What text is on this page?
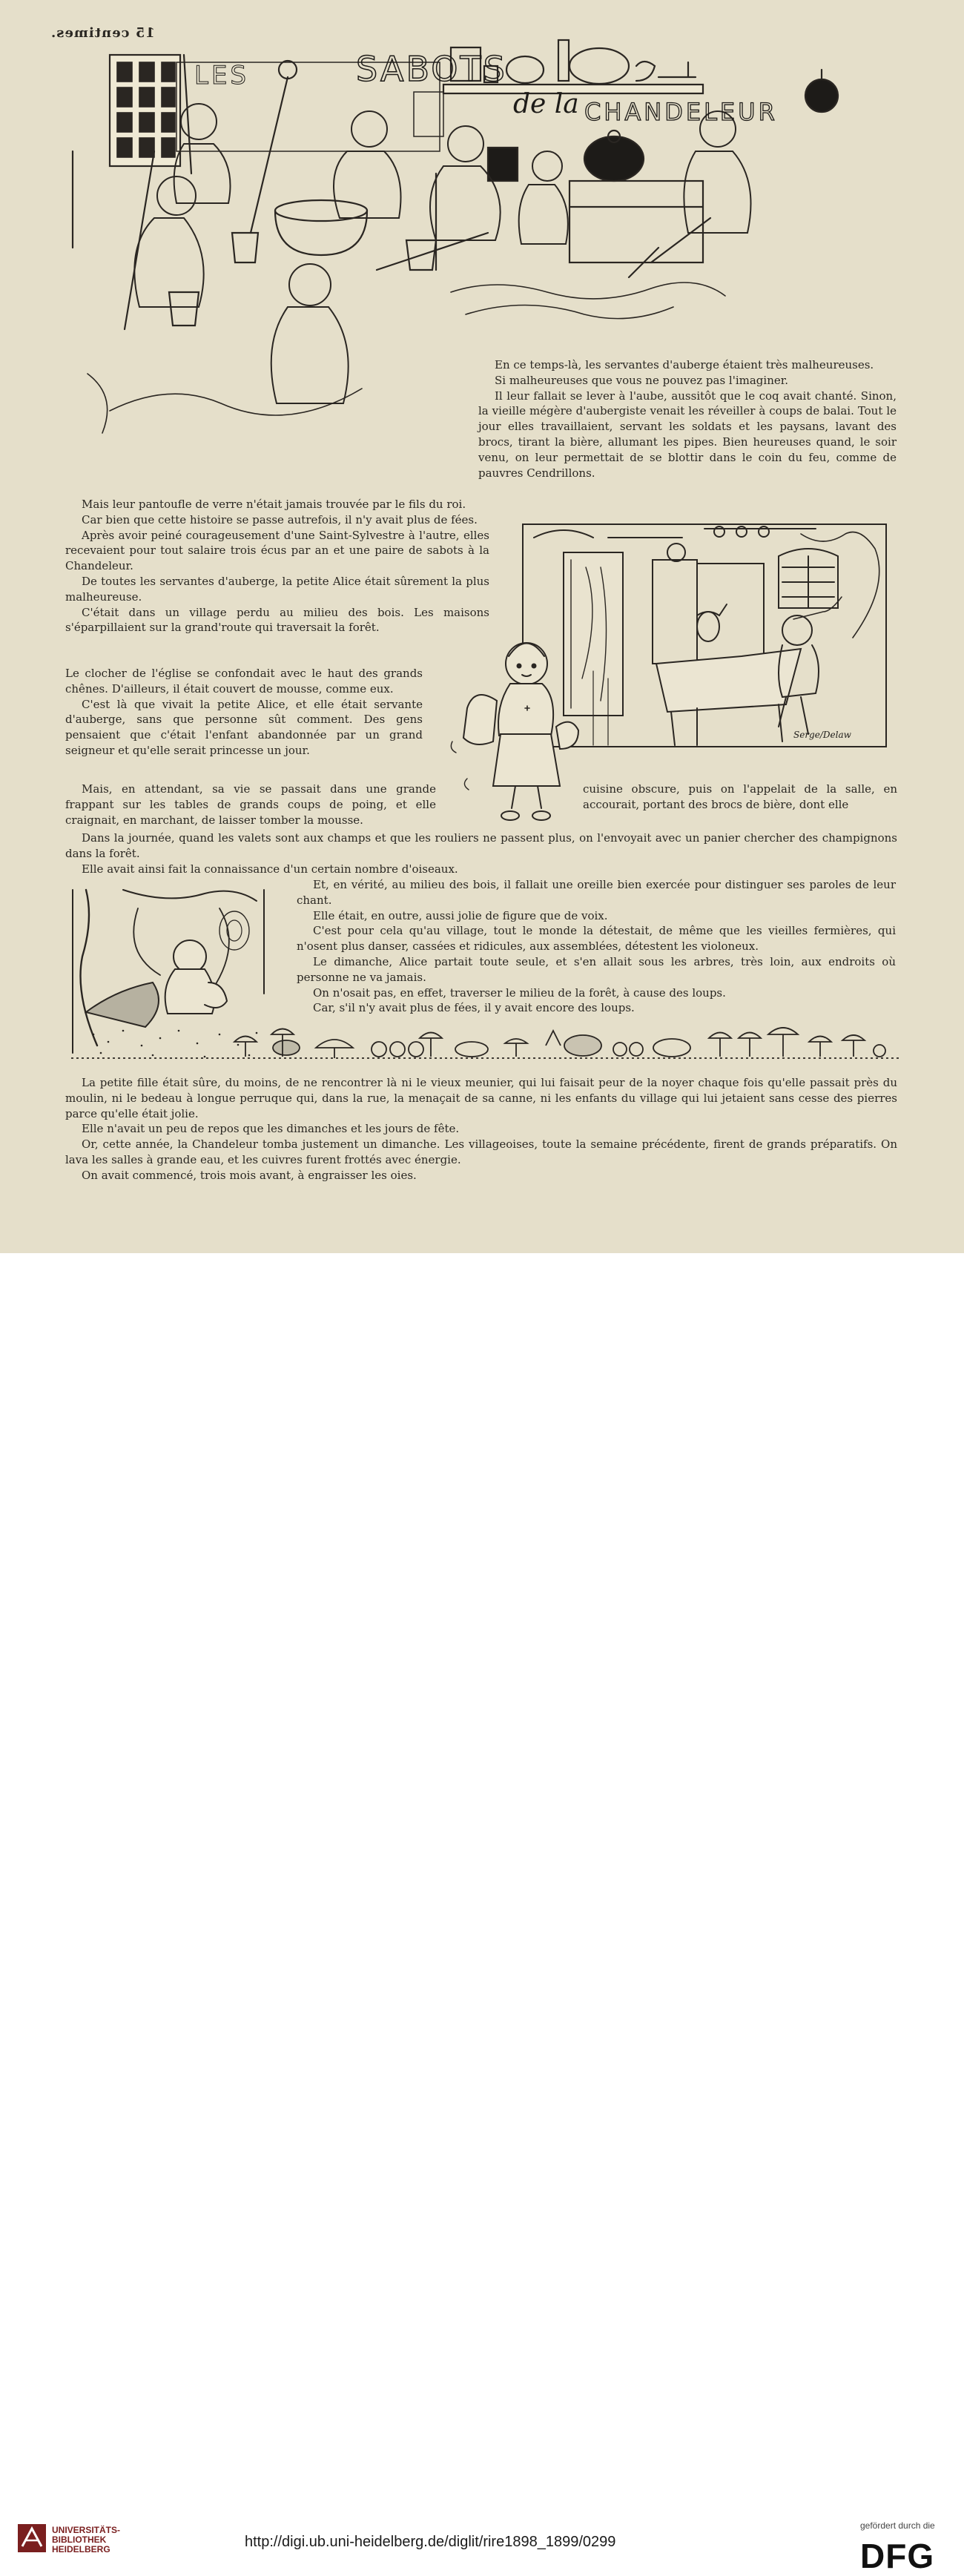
15 centimes.
LES	SABOTS
de la CHANDELEUR

En ce temps-là, les servantes d'auberge étaient très malheureuses.

Si malheureuses que vous ne pouvez pas l'imaginer.

Il leur fallait se lever à l'aube, aussitôt que le coq avait chanté. Sinon, la vieille mégère d'aubergiste venait les réveiller à coups de balai. Tout le jour elles travaillaient, servant les soldats et les paysans, lavant des brocs, tirant la bière, allumant les pipes. Bien heureuses quand, le soir venu, on leur permettait de se blottir dans le coin du feu, comme de pauvres Cendrillons.

Mais leur pantoufle de verre n'était jamais trouvée par le fils du roi.

Car bien que cette histoire se passe autrefois, il n'y avait plus de fées.

Après avoir peiné courageusement d'une Saint-Sylvestre à l'autre, elles recevaient pour tout salaire trois écus par an et une paire de sabots à la Chandeleur.

De toutes les servantes d'auberge, la petite Alice était sûrement la plus malheureuse.

C'était dans un village perdu au milieu des bois. Les maisons s'éparpillaient sur la grand'route qui traversait la forêt.

Le clocher de l'église se confondait avec le haut des grands chênes. D'ailleurs, il était couvert de mousse, comme eux.

C'est là que vivait la petite Alice, et elle était servante d'auberge, sans que personne sût comment. Des gens pensaient que c'était l'enfant abandonnée par un grand seigneur et qu'elle serait princesse un jour.

Mais, en attendant, sa vie se passait dans une grande frappant sur les tables de grands coups de poing, et elle craignait, en marchant, de laisser tomber la mousse.

cuisine obscure, puis on l'appelait de la salle, en accourait, portant des brocs de bière, dont elle

Serge/Delaw

Dans la journée, quand les valets sont aux champs et que les rouliers ne passent plus, on l'envoyait avec un panier chercher des champignons dans la forêt.

Elle avait ainsi fait la connaissance d'un certain nombre d'oiseaux.

Et, en vérité, au milieu des bois, il fallait une oreille bien exercée pour distinguer ses paroles de leur chant.

Elle était, en outre, aussi jolie de figure que de voix.

C'est pour cela qu'au village, tout le monde la détestait, de même que les vieilles fermières, qui n'osent plus danser, cassées et ridicules, aux assemblées, détestent les violoneux.

Le dimanche, Alice partait toute seule, et s'en allait sous les arbres, très loin, aux endroits où personne ne va jamais.

On n'osait pas, en effet, traverser le milieu de la forêt, à cause des loups.

Car, s'il n'y avait plus de fées, il y avait encore des loups.

La petite fille était sûre, du moins, de ne rencontrer là ni le vieux meunier, qui lui faisait peur de la noyer chaque fois qu'elle passait près du moulin, ni le bedeau à longue perruque qui, dans la rue, la menaçait de sa canne, ni les enfants du village qui lui jetaient sans cesse des pierres parce qu'elle était jolie.

Elle n'avait un peu de repos que les dimanches et les jours de fête.

Or, cette année, la Chandeleur tomba justement un dimanche. Les villageoises, toute la semaine précédente, firent de grands préparatifs. On lava les salles à grande eau, et les cuivres furent frottés avec énergie.

On avait commencé, trois mois avant, à engraisser les oies.

UNIVERSITÄTS-
BIBLIOTHEK
HEIDELBERG	http://digi.ub.uni-heidelberg.de/diglit/rire1898_1899/0299
gefördert durch die
DFG
